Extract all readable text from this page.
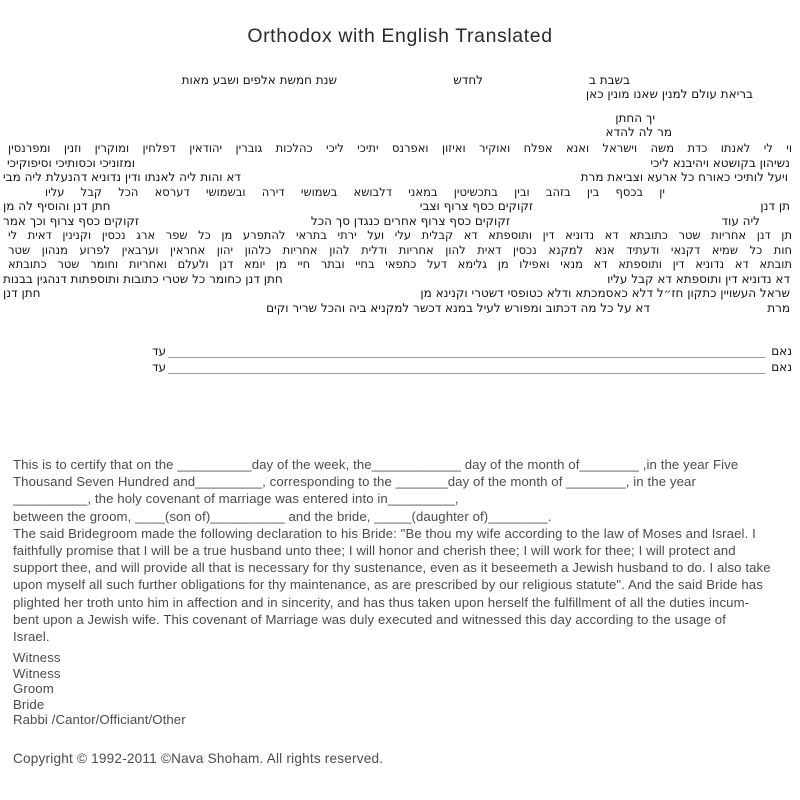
Orthodox with English Translated
בשבת ב
לחדש
שנת חמשת אלפים ושבע מאות
בריאת עולם למנין שאנו מונין כאן
יך החתן
מר לה להדא
וי לי לאנתו כדת משה וישראל ואנא אפלח ואוקיר ואיזון ואפרנס יתיכי ליכי כהלכות גוברין יהודאין דפלחין ומוקרין וזנין ומפרנסין
נשיהון בקושטא ויהיבנא ליכי
ומזוניכי וכסותיכי וסיפוקיכי
ויעל לותיכי כאורח כל ארעא וצביאת מרת
דא והות ליה לאנתו ודין נדוניא דהנעלת ליה מבי
ין בכסף בין בזהב ובין בתכשיטין במאני דלבושא בשמושי דירה ובשמושי דערסא הכל קבל עליו
תן דנן
זקוקים כסף צרוף וצבי
חתן דנן והוסיף לה מן
ליה עוד
זקוקים כסף צרוף אחרים כנגדן סך הכל
זקוקים כסף צרוף וכך אמר
תן דנן אחריות שטר כתובתא דא נדוניא דין ותוספתא דא קבלית עלי ועל ירתי בתראי להתפרע מן כל שפר ארג נכסין וקנינין דאית לי
חות כל שמיא דקנאי ודעתיד אנא למקנא נכסין דאית להון אחריות ודלית להון אחריות כלהון יהון אחראין וערבאין לפרוע מנהון שטר
תובתא דא נדוניא דין ותוספתא דא מנאי ואפילו מן גלימא דעל כתפאי בחיי ובתר חיי מן יומא דנן ולעלם ואחריות וחומר שטר כתובתא
דא נדוניא דין ותוספתא דא קבל עליו
חתן דנן כחומר כל שטרי כתובות ותוספתות דנהגין בבנות
שראל העשויין כתקון חז״ל דלא כאסמכתא ודלא כטופסי דשטרי וקנינא מן
חתן דנן
מרת
דא על כל מה דכתוב ומפורש לעיל במנא דכשר למקניא ביה והכל שריר וקים
נאם
עד
נאם
עד
This is to certify that on the __________day of the week, the____________ day of the month of________ ,in the year Five
Thousand Seven Hundred and_________, corresponding to the _______day of the month of ________, in the year
__________, the holy covenant of marriage was entered into in_________,
between the groom, ____(son of)__________ and the bride, _____(daughter of)________.
The said Bridegroom made the following declaration to his Bride: "Be thou my wife according to the law of Moses and Israel. I
faithfully promise that I will be a true husband unto thee; I will honor and cherish thee; I will work for thee; I will protect and
support thee, and will provide all that is necessary for thy sustenance, even as it beseemeth a Jewish husband to do. I also take
upon myself all such further obligations for thy maintenance, as are prescribed by our religious statute". And the said Bride has
plighted her troth unto him in affection and in sincerity, and has thus taken upon herself the fulfillment of all the duties incum-
bent upon a Jewish wife. This covenant of Marriage was duly executed and witnessed this day according to the usage of
Israel.
Witness
Witness
Groom
Bride
Rabbi /Cantor/Officiant/Other
Copyright © 1992-2011 ©Nava Shoham. All rights reserved.
